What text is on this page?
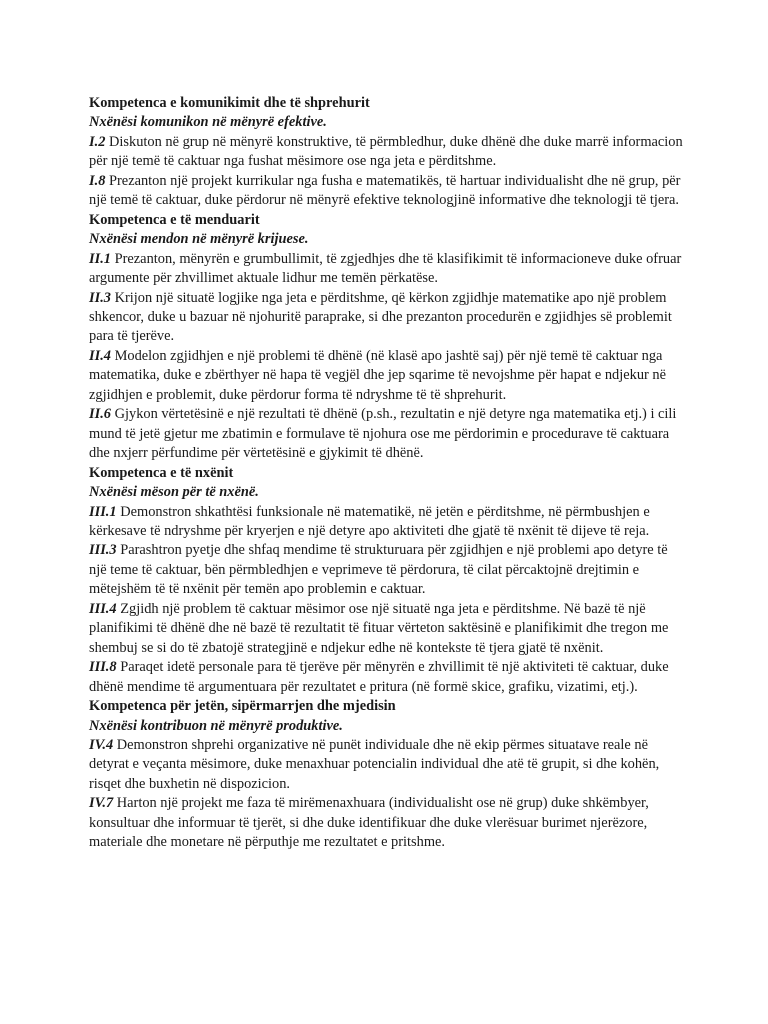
Kompetenca e komunikimit dhe të shprehurit

Nxënësi komunikon në mënyrë efektive.

I.2 Diskuton në grup në mënyrë konstruktive, të përmbledhur, duke dhënë dhe duke marrë informacion për një temë të caktuar nga fushat mësimore ose nga jeta e përditshme.

I.8 Prezanton një projekt kurrikular nga fusha e matematikës, të hartuar individualisht dhe në grup, për një temë të caktuar, duke përdorur në mënyrë efektive teknologjinë informative dhe teknologji të tjera.

Kompetenca e të menduarit

Nxënësi mendon në mënyrë krijuese.

II.1 Prezanton, mënyrën e grumbullimit, të zgjedhjes dhe të klasifikimit të informacioneve duke ofruar argumente për zhvillimet aktuale lidhur me temën përkatëse.

II.3 Krijon një situatë logjike nga jeta e përditshme, që kërkon zgjidhje matematike apo një problem shkencor, duke u bazuar në njohuritë paraprake, si dhe prezanton procedurën e zgjidhjes së problemit para të tjerëve.

II.4 Modelon zgjidhjen e një problemi të dhënë (në klasë apo jashtë saj) për një temë të caktuar nga matematika, duke e zbërthyer në hapa të vegjël dhe jep sqarime të nevojshme për hapat e ndjekur në zgjidhjen e problemit, duke përdorur forma të ndryshme të të shprehurit.

II.6 Gjykon vërtetësinë e një rezultati të dhënë (p.sh., rezultatin e një detyre nga matematika etj.) i cili mund të jetë gjetur me zbatimin e formulave të njohura ose me përdorimin e procedurave të caktuara dhe nxjerr përfundime për vërtetësinë e gjykimit të dhënë.

Kompetenca e të nxënit

Nxënësi mëson për të nxënë.

III.1 Demonstron shkathtësi funksionale në matematikë, në jetën e përditshme, në përmbushjen e kërkesave të ndryshme për kryerjen e një detyre apo aktiviteti dhe gjatë të nxënit të dijeve të reja.

III.3 Parashtron pyetje dhe shfaq mendime të strukturuara për zgjidhjen e një problemi apo detyre të një teme të caktuar, bën përmbledhjen e veprimeve të përdorura, të cilat përcaktojnë drejtimin e mëtejshëm të të nxënit për temën apo problemin e caktuar.

III.4 Zgjidh një problem të caktuar mësimor ose një situatë nga jeta e përditshme. Në bazë të një planifikimi të dhënë dhe në bazë të rezultatit të fituar vërteton saktësinë e planifikimit dhe tregon me shembuj se si do të zbatojë strategjinë e ndjekur edhe në kontekste të tjera gjatë të nxënit.

III.8 Paraqet idetë personale para të tjerëve për mënyrën e zhvillimit të një aktiviteti të caktuar, duke dhënë mendime të argumentuara për rezultatet e pritura (në formë skice, grafiku, vizatimi, etj.).

Kompetenca për jetën, sipërmarrjen dhe mjedisin

Nxënësi kontribuon në mënyrë produktive.

IV.4 Demonstron shprehi organizative në punët individuale dhe në ekip përmes situatave reale në detyrat e veçanta mësimore, duke menaxhuar potencialin individual dhe atë të grupit, si dhe kohën, risqet dhe buxhetin në dispozicion.

IV.7 Harton një projekt me faza të mirëmenaxhuara (individualisht ose në grup) duke shkëmbyer, konsultuar dhe informuar të tjerët, si dhe duke identifikuar dhe duke vlerësuar burimet njerëzore, materiale dhe monetare në përputhje me rezultatet e pritshme.
